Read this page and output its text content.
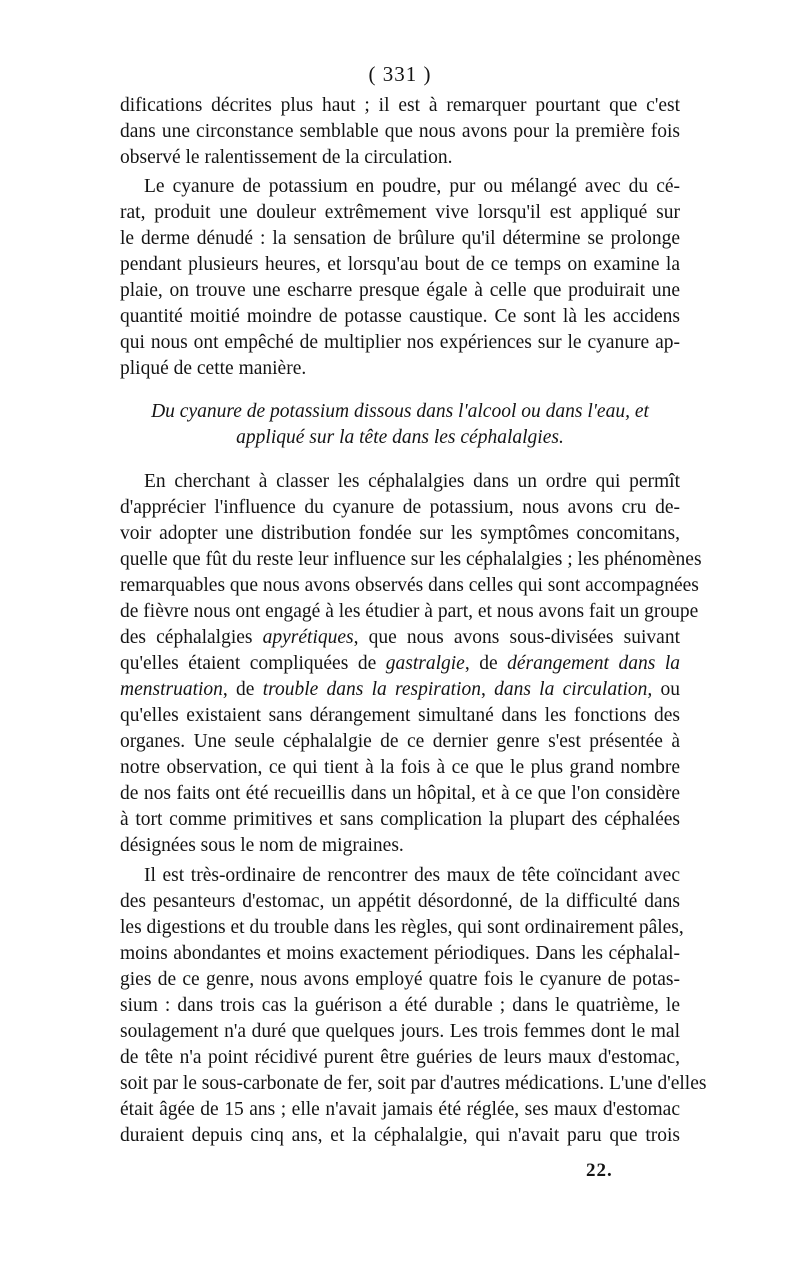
( 331 )
difications décrites plus haut ; il est à remarquer pourtant que c'est
dans une circonstance semblable que nous avons pour la première fois
observé le ralentissement de la circulation.
Le cyanure de potassium en poudre, pur ou mélangé avec du cé-
rat, produit une douleur extrêmement vive lorsqu'il est appliqué sur
le derme dénudé : la sensation de brûlure qu'il détermine se prolonge
pendant plusieurs heures, et lorsqu'au bout de ce temps on examine la
plaie, on trouve une escharre presque égale à celle que produirait une
quantité moitié moindre de potasse caustique. Ce sont là les accidens
qui nous ont empêché de multiplier nos expériences sur le cyanure ap-
pliqué de cette manière.
Du cyanure de potassium dissous dans l'alcool ou dans l'eau, et
appliqué sur la tête dans les céphalalgies.
En cherchant à classer les céphalalgies dans un ordre qui permît
d'apprécier l'influence du cyanure de potassium, nous avons cru de-
voir adopter une distribution fondée sur les symptômes concomitans,
quelle que fût du reste leur influence sur les céphalalgies ; les phénomènes
remarquables que nous avons observés dans celles qui sont accompagnées
de fièvre nous ont engagé à les étudier à part, et nous avons fait un groupe
des céphalalgies apyrétiques, que nous avons sous-divisées suivant
qu'elles étaient compliquées de gastralgie, de dérangement dans la
menstruation, de trouble dans la respiration, dans la circulation, ou
qu'elles existaient sans dérangement simultané dans les fonctions des
organes. Une seule céphalalgie de ce dernier genre s'est présentée à
notre observation, ce qui tient à la fois à ce que le plus grand nombre
de nos faits ont été recueillis dans un hôpital, et à ce que l'on considère
à tort comme primitives et sans complication la plupart des céphalées
désignées sous le nom de migraines.
Il est très-ordinaire de rencontrer des maux de tête coïncidant avec
des pesanteurs d'estomac, un appétit désordonné, de la difficulté dans
les digestions et du trouble dans les règles, qui sont ordinairement pâles,
moins abondantes et moins exactement périodiques. Dans les céphalal-
gies de ce genre, nous avons employé quatre fois le cyanure de potas-
sium : dans trois cas la guérison a été durable ; dans le quatrième, le
soulagement n'a duré que quelques jours. Les trois femmes dont le mal
de tête n'a point récidivé purent être guéries de leurs maux d'estomac,
soit par le sous-carbonate de fer, soit par d'autres médications. L'une d'elles
était âgée de 15 ans ; elle n'avait jamais été réglée, ses maux d'estomac
duraient depuis cinq ans, et la céphalalgie, qui n'avait paru que trois
22.
